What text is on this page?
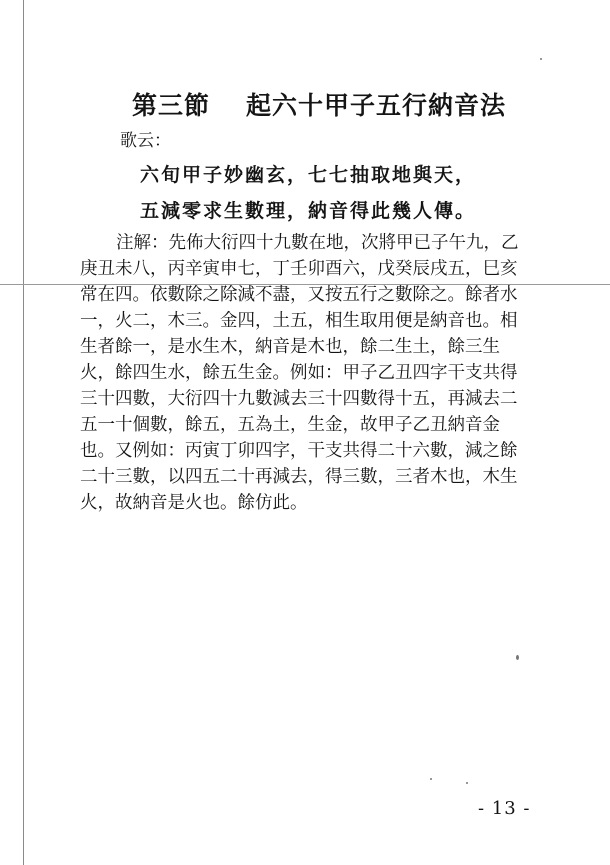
第三節 起六十甲子五行納音法
歌云：
六旬甲子妙幽玄，七七抽取地與天，
五減零求生數理，納音得此幾人傳。
注解：先佈大衍四十九數在地，次將甲已子午九，乙
庚丑未八，丙辛寅申七，丁壬卯酉六，戊癸辰戌五，巳亥
常在四。依數除之除減不盡，又按五行之數除之。餘者水
一，火二，木三。金四，土五，相生取用便是納音也。相
生者餘一，是水生木，納音是木也，餘二生土，餘三生
火，餘四生水，餘五生金。例如：甲子乙丑四字干支共得
三十四數，大衍四十九數減去三十四數得十五，再減去二
五一十個數，餘五，五為土，生金，故甲子乙丑納音金
也。又例如：丙寅丁卯四字，干支共得二十六數，減之餘
二十三數，以四五二十再減去，得三數，三者木也，木生
火，故納音是火也。餘仿此。
- 13 -
